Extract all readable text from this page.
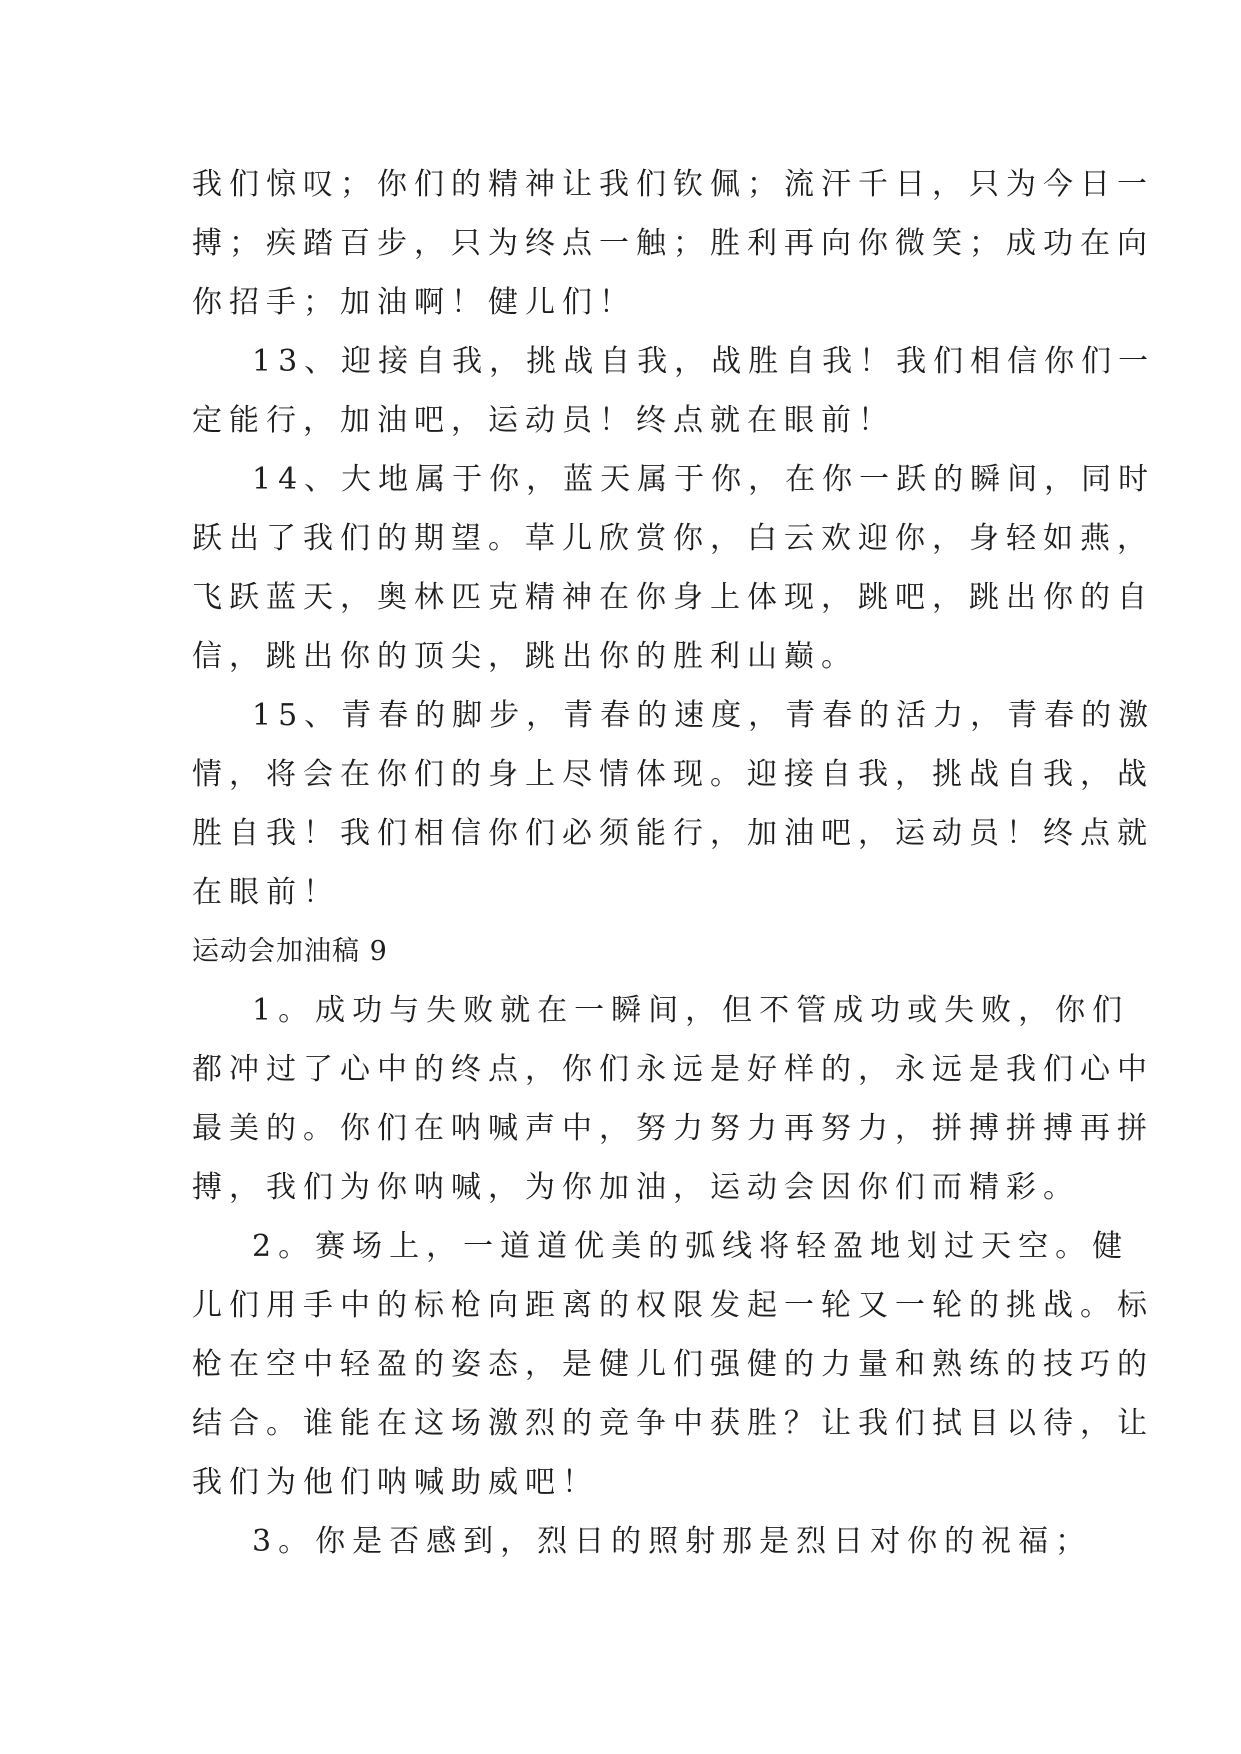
我们惊叹；你们的精神让我们钦佩；流汗千日，只为今日一
搏；疾踏百步，只为终点一触；胜利再向你微笑；成功在向
你招手；加油啊！健儿们！
13、迎接自我，挑战自我，战胜自我！我们相信你们一
定能行，加油吧，运动员！终点就在眼前！
14、大地属于你，蓝天属于你，在你一跃的瞬间，同时
跃出了我们的期望。草儿欣赏你，白云欢迎你，身轻如燕，
飞跃蓝天，奥林匹克精神在你身上体现，跳吧，跳出你的自
信，跳出你的顶尖，跳出你的胜利山巅。
15、青春的脚步，青春的速度，青春的活力，青春的激
情，将会在你们的身上尽情体现。迎接自我，挑战自我，战
胜自我！我们相信你们必须能行，加油吧，运动员！终点就
在眼前！
运动会加油稿 9
1。成功与失败就在一瞬间，但不管成功或失败，你们
都冲过了心中的终点，你们永远是好样的，永远是我们心中
最美的。你们在呐喊声中，努力努力再努力，拼搏拼搏再拼
搏，我们为你呐喊，为你加油，运动会因你们而精彩。
2。赛场上，一道道优美的弧线将轻盈地划过天空。健
儿们用手中的标枪向距离的权限发起一轮又一轮的挑战。标
枪在空中轻盈的姿态，是健儿们强健的力量和熟练的技巧的
结合。谁能在这场激烈的竞争中获胜？让我们拭目以待，让
我们为他们呐喊助威吧！
3。你是否感到，烈日的照射那是烈日对你的祝福；
